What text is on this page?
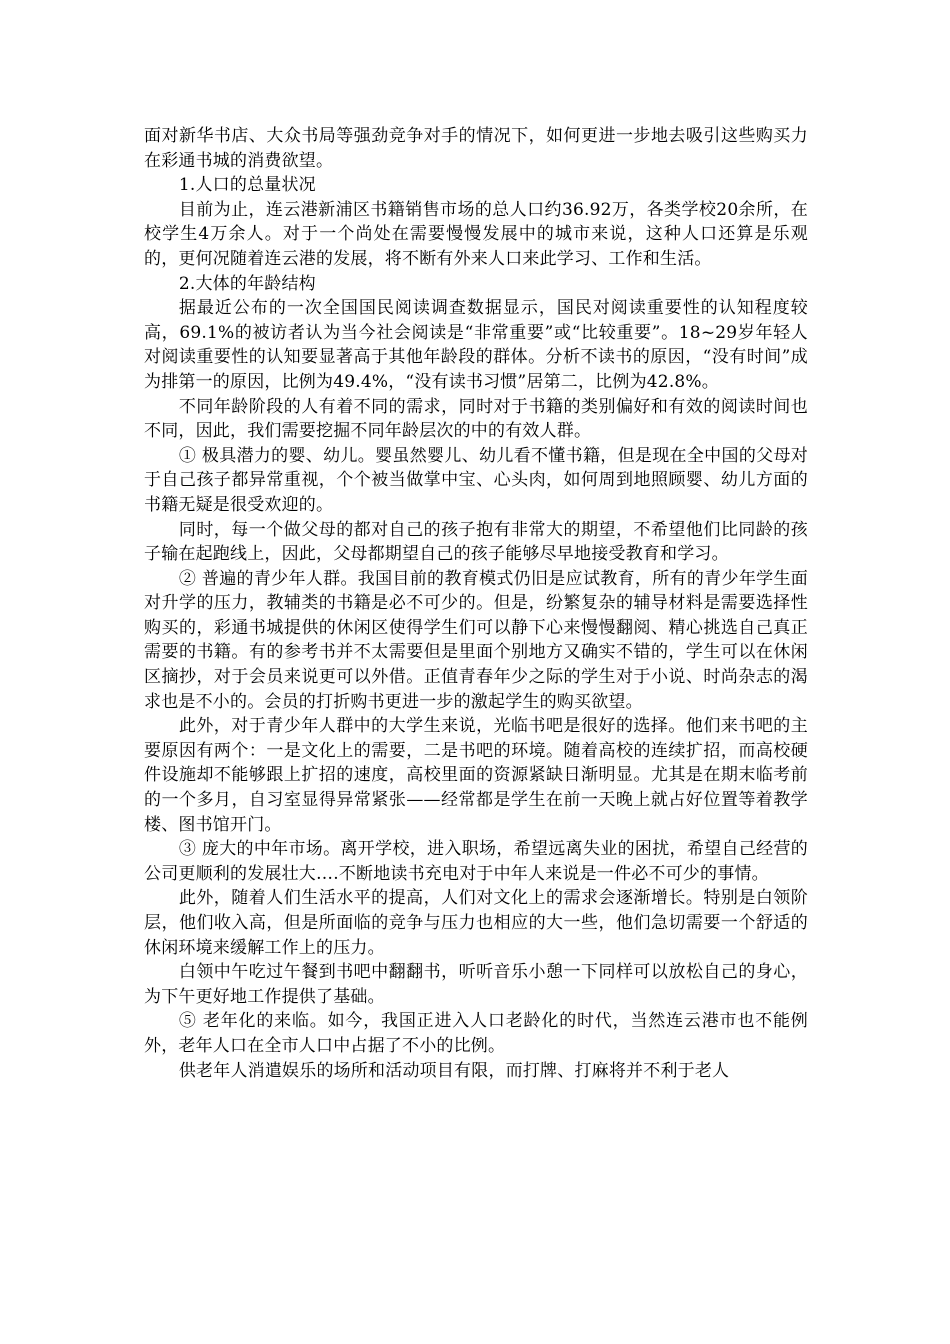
面对新华书店、大众书局等强劲竞争对手的情况下，如何更进一步地去吸引这些购买力在彩通书城的消费欲望。

1.人口的总量状况

目前为止，连云港新浦区书籍销售市场的总人口约36.92万，各类学校20余所，在校学生4万余人。对于一个尚处在需要慢慢发展中的城市来说，这种人口还算是乐观的，更何况随着连云港的发展，将不断有外来人口来此学习、工作和生活。

2.大体的年龄结构

据最近公布的一次全国国民阅读调查数据显示，国民对阅读重要性的认知程度较高，69.1%的被访者认为当今社会阅读是“非常重要”或“比较重要”。18~29岁年轻人对阅读重要性的认知要显著高于其他年龄段的群体。分析不读书的原因，“没有时间”成为排第一的原因，比例为49.4%，“没有读书习惯”居第二，比例为42.8%。

不同年龄阶段的人有着不同的需求，同时对于书籍的类别偏好和有效的阅读时间也不同，因此，我们需要挖掘不同年龄层次的中的有效人群。

① 极具潜力的婴、幼儿。婴虽然婴儿、幼儿看不懂书籍，但是现在全中国的父母对于自己孩子都异常重视，个个被当做掌中宝、心头肉，如何周到地照顾婴、幼儿方面的书籍无疑是很受欢迎的。

同时，每一个做父母的都对自己的孩子抱有非常大的期望，不希望他们比同龄的孩子输在起跑线上，因此，父母都期望自己的孩子能够尽早地接受教育和学习。

② 普遍的青少年人群。我国目前的教育模式仍旧是应试教育，所有的青少年学生面对升学的压力，教辅类的书籍是必不可少的。但是，纷繁复杂的辅导材料是需要选择性购买的，彩通书城提供的休闲区使得学生们可以静下心来慢慢翻阅、精心挑选自己真正需要的书籍。有的参考书并不太需要但是里面个别地方又确实不错的，学生可以在休闲区摘抄，对于会员来说更可以外借。正值青春年少之际的学生对于小说、时尚杂志的渴求也是不小的。会员的打折购书更进一步的激起学生的购买欲望。

此外，对于青少年人群中的大学生来说，光临书吧是很好的选择。他们来书吧的主要原因有两个：一是文化上的需要，二是书吧的环境。随着高校的连续扩招，而高校硬件设施却不能够跟上扩招的速度，高校里面的资源紧缺日渐明显。尤其是在期末临考前的一个多月，自习室显得异常紧张——经常都是学生在前一天晚上就占好位置等着教学楼、图书馆开门。

③ 庞大的中年市场。离开学校，进入职场，希望远离失业的困扰，希望自己经营的公司更顺利的发展壮大….不断地读书充电对于中年人来说是一件必不可少的事情。

此外，随着人们生活水平的提高，人们对文化上的需求会逐渐增长。特别是白领阶层，他们收入高，但是所面临的竞争与压力也相应的大一些，他们急切需要一个舒适的休闲环境来缓解工作上的压力。

白领中午吃过午餐到书吧中翻翻书，听听音乐小憩一下同样可以放松自己的身心，为下午更好地工作提供了基础。

⑤ 老年化的来临。如今，我国正进入人口老龄化的时代，当然连云港市也不能例外，老年人口在全市人口中占据了不小的比例。

供老年人消遣娱乐的场所和活动项目有限，而打牌、打麻将并不利于老人
